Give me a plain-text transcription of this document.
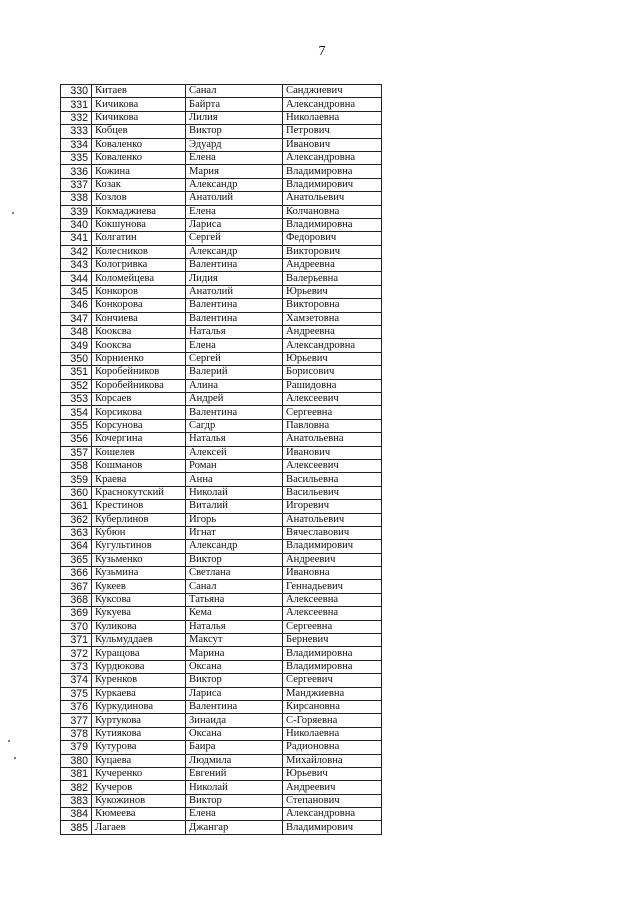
7
330	Китаев	Санал	Санджиевич
331	Кичикова	Байрта	Александровна
332	Кичикова	Лилия	Николаевна
333	Кобцев	Виктор	Петрович
334	Коваленко	Эдуард	Иванович
335	Коваленко	Елена	Александровна
336	Кожина	Мария	Владимировна
337	Козак	Александр	Владимирович
338	Козлов	Анатолий	Анатольевич
339	Кокмаджиева	Елена	Колчановна
340	Кокшунова	Лариса	Владимировна
341	Колгатин	Сергей	Федорович
342	Колесников	Александр	Викторович
343	Кологривка	Валентина	Андреевна
344	Коломейцева	Лидия	Валерьевна
345	Конкоров	Анатолий	Юрьевич
346	Конкорова	Валентина	Викторовна
347	Кончиева	Валентина	Хамзетовна
348	Кооксва	Наталья	Андреевна
349	Кооксва	Елена	Александровна
350	Корниенко	Сергей	Юрьевич
351	Коробейников	Валерий	Борисович
352	Коробейникова	Алина	Рашидовна
353	Корсаев	Андрей	Алексеевич
354	Корсикова	Валентина	Сергеевна
355	Корсунова	Сагдр	Павловна
356	Кочергина	Наталья	Анатольевна
357	Кошелев	Алексей	Иванович
358	Кошманов	Роман	Алексеевич
359	Краева	Анна	Васильевна
360	Краснокутский	Николай	Васильевич
361	Крестинов	Виталий	Игоревич
362	Куберлинов	Игорь	Анатольевич
363	Кубюн	Игнат	Вячеславович
364	Кугультинов	Александр	Владимирович
365	Кузьменко	Виктор	Андреевич
366	Кузьмина	Светлана	Ивановна
367	Кукеев	Санал	Геннадьевич
368	Куксова	Татьяна	Алексеевна
369	Кукуева	Кема	Алексеевна
370	Куликова	Наталья	Сергеевна
371	Кульмуддаев	Максут	Берневич
372	Куращова	Марина	Владимировна
373	Курдюкова	Оксана	Владимировна
374	Куренков	Виктор	Сергеевич
375	Куркаева	Лариса	Манджиевна
376	Куркудинова	Валентина	Кирсановна
377	Куртукова	Зинаида	С-Горяевна
378	Кутиякова	Оксана	Николаевна
379	Кутурова	Баира	Радионовна
380	Куцаева	Людмила	Михайловна
381	Кучеренко	Евгений	Юрьевич
382	Кучеров	Николай	Андреевич
383	Кукожинов	Виктор	Степанович
384	Кюмеева	Елена	Александровна
385	Лагаев	Джангар	Владимирович
